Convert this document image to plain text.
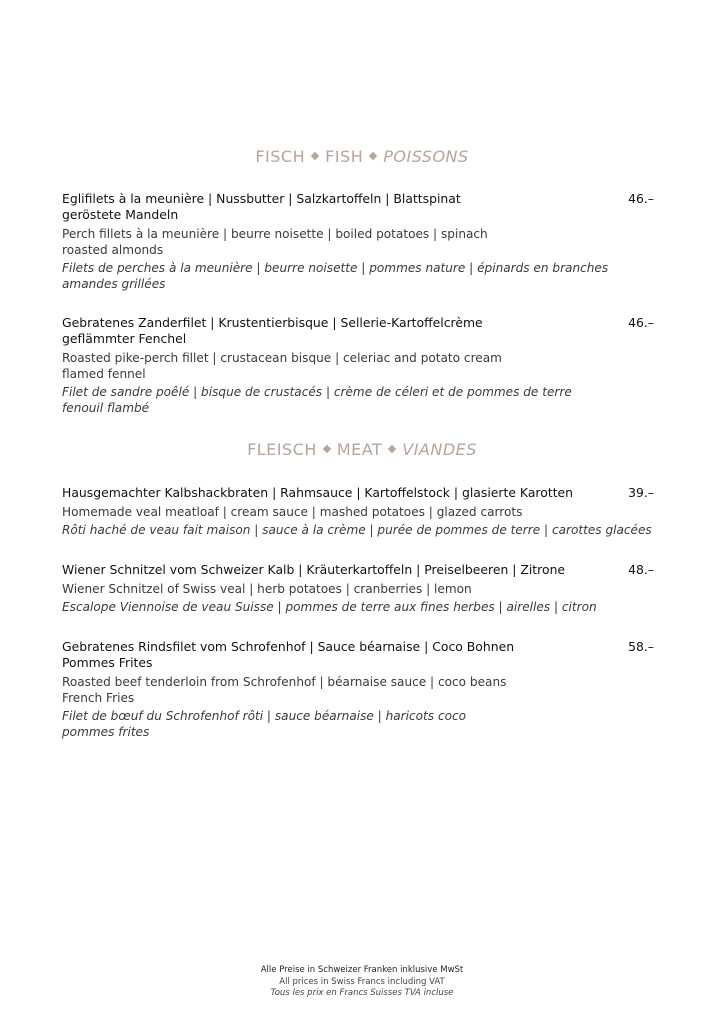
FISCH FISH POISSONS
Eglifilets à la meunière | Nussbutter | Salzkartoffeln | Blattspinat
geröstete Mandeln
Perch fillets à la meunière | beurre noisette | boiled potatoes | spinach
roasted almonds
Filets de perches à la meunière | beurre noisette | pommes nature | épinards en branches
amandes grillées
46.–
Gebratenes Zanderfilet | Krustentierbisque | Sellerie-Kartoffelcrème
geflämmter Fenchel
Roasted pike-perch fillet | crustacean bisque | celeriac and potato cream
flamed fennel
Filet de sandre poêlé | bisque de crustacés | crème de céleri et de pommes de terre
fenouil flambé
46.–
FLEISCH MEAT VIANDES
Hausgemachter Kalbshackbraten | Rahmsauce | Kartoffelstock | glasierte Karotten
Homemade veal meatloaf | cream sauce | mashed potatoes | glazed carrots
Rôti haché de veau fait maison | sauce à la crème | purée de pommes de terre | carottes glacées
39.–
Wiener Schnitzel vom Schweizer Kalb | Kräuterkartoffeln | Preiselbeeren | Zitrone
Wiener Schnitzel of Swiss veal | herb potatoes | cranberries | lemon
Escalope Viennoise de veau Suisse | pommes de terre aux fines herbes | airelles | citron
48.–
Gebratenes Rindsfilet vom Schrofenhof | Sauce béarnaise | Coco Bohnen
Pommes Frites
Roasted beef tenderloin from Schrofenhof | béarnaise sauce | coco beans
French Fries
Filet de bœuf du Schrofenhof rôti | sauce béarnaise | haricots coco
pommes frites
58.–
Alle Preise in Schweizer Franken inklusive MwSt
All prices in Swiss Francs including VAT
Tous les prix en Francs Suisses TVA incluse
